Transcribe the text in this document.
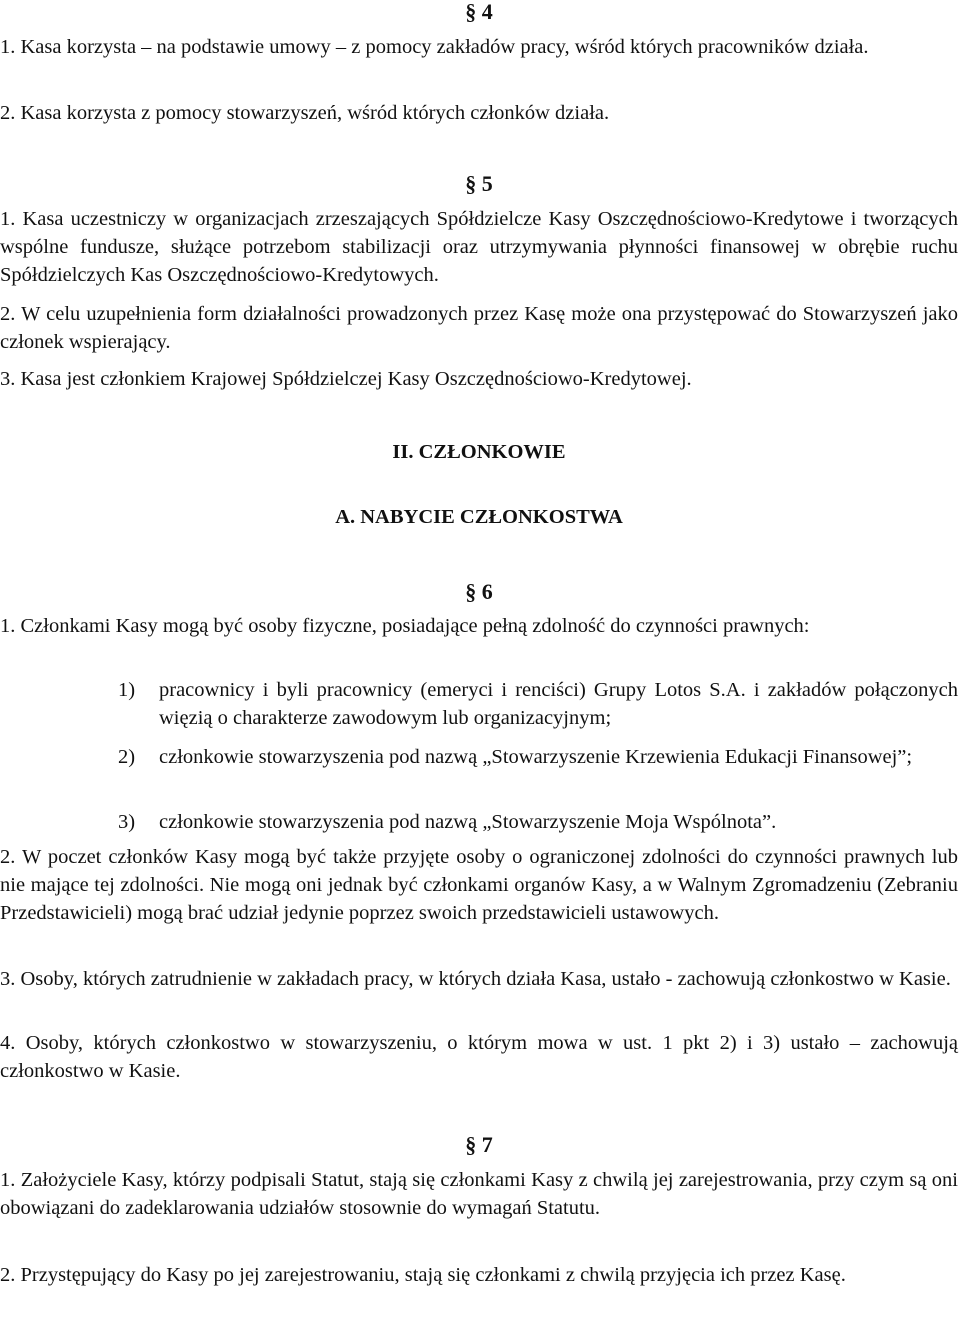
§ 4

1. Kasa korzysta – na podstawie umowy – z pomocy zakładów pracy, wśród których pracowników działa.

2. Kasa korzysta z pomocy stowarzyszeń, wśród których członków działa.

§ 5

1. Kasa uczestniczy w organizacjach zrzeszających Spółdzielcze Kasy Oszczędnościowo-Kredytowe i tworzących wspólne fundusze, służące potrzebom stabilizacji oraz utrzymywania płynności finansowej w obrębie ruchu Spółdzielczych Kas Oszczędnościowo-Kredytowych.

2. W celu uzupełnienia form działalności prowadzonych przez Kasę może ona przystępować do Stowarzyszeń jako członek wspierający.

3. Kasa jest członkiem Krajowej Spółdzielczej Kasy Oszczędnościowo-Kredytowej.

II. CZŁONKOWIE
A. NABYCIE CZŁONKOSTWA
§ 6

1. Członkami Kasy mogą być osoby fizyczne, posiadające pełną zdolność do czynności prawnych:

1) pracownicy i byli pracownicy (emeryci i renciści) Grupy Lotos S.A. i zakładów połączonych więzią o charakterze zawodowym lub organizacyjnym;
2) członkowie stowarzyszenia pod nazwą „Stowarzyszenie Krzewienia Edukacji Finansowej”;
3) członkowie stowarzyszenia pod nazwą „Stowarzyszenie Moja Wspólnota”.

2. W poczet członków Kasy mogą być także przyjęte osoby o ograniczonej zdolności do czynności prawnych lub nie mające tej zdolności. Nie mogą oni jednak być członkami organów Kasy, a w Walnym Zgromadzeniu (Zebraniu Przedstawicieli) mogą brać udział jedynie poprzez swoich przedstawicieli ustawowych.

3. Osoby, których zatrudnienie w zakładach pracy, w których działa Kasa, ustało - zachowują członkostwo w Kasie.

4. Osoby, których członkostwo w stowarzyszeniu, o którym mowa w ust. 1 pkt 2) i 3) ustało – zachowują członkostwo w Kasie.

§ 7

1. Założyciele Kasy, którzy podpisali Statut, stają się członkami Kasy z chwilą jej zarejestrowania, przy czym są oni obowiązani do zadeklarowania udziałów stosownie do wymagań Statutu.

2. Przystępujący do Kasy po jej zarejestrowaniu, stają się członkami z chwilą przyjęcia ich przez Kasę.
